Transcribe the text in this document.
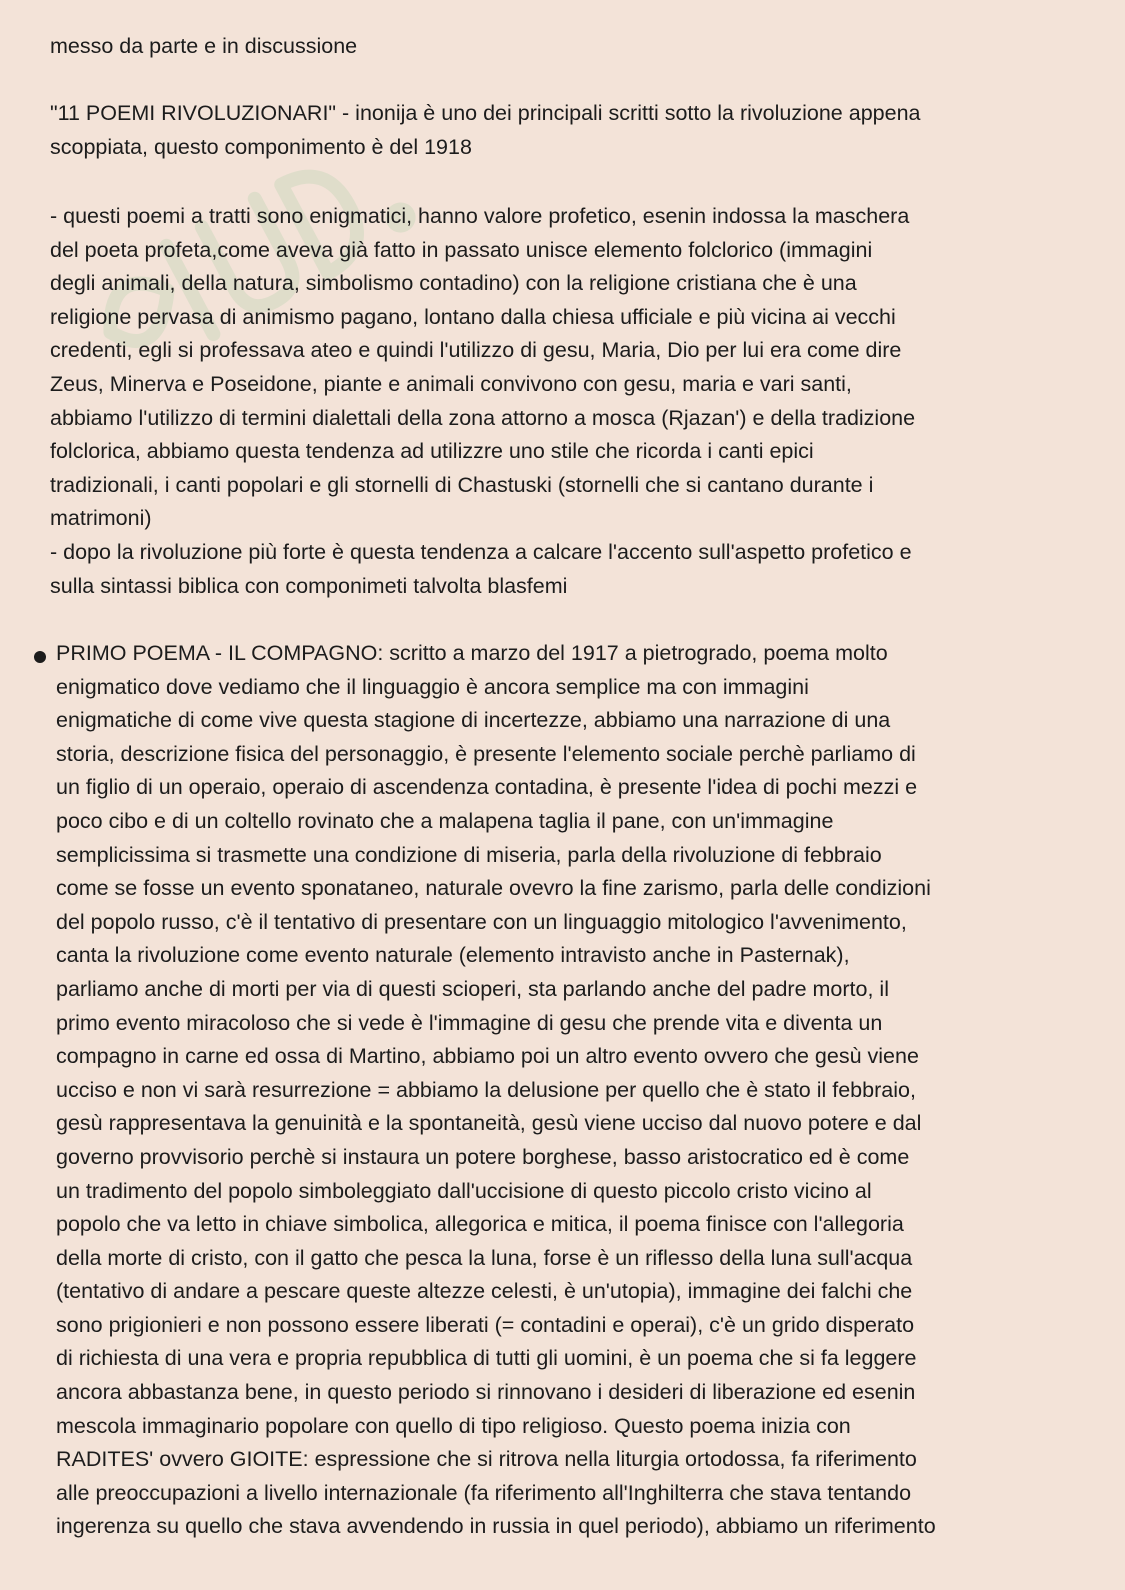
messo da parte e in discussione
"11 POEMI RIVOLUZIONARI" - inonija è uno dei principali scritti sotto la rivoluzione appena
scoppiata, questo componimento è del 1918
- questi poemi a tratti sono enigmatici, hanno valore profetico, esenin indossa la maschera
del poeta profeta,come aveva già fatto in passato unisce elemento folclorico (immagini
degli animali, della natura, simbolismo contadino) con la religione cristiana che è una
religione pervasa di animismo pagano, lontano dalla chiesa ufficiale e più vicina ai vecchi
credenti, egli si professava ateo e quindi l'utilizzo di gesu, Maria, Dio per lui era come dire
Zeus, Minerva e Poseidone, piante e animali convivono con gesu, maria e vari santi,
abbiamo l'utilizzo di termini dialettali della zona attorno a mosca (Rjazan') e della tradizione
folclorica, abbiamo questa tendenza ad utilizzre uno stile che ricorda i canti epici
tradizionali, i canti popolari e gli stornelli di Chastuski (stornelli che si cantano durante i
matrimoni)
- dopo la rivoluzione più forte è questa tendenza a calcare l'accento sull'aspetto profetico e
sulla sintassi biblica con componimeti talvolta blasfemi
PRIMO POEMA - IL COMPAGNO: scritto a marzo del 1917 a pietrogrado, poema molto
enigmatico dove vediamo che il linguaggio è ancora semplice ma con immagini
enigmatiche di come vive questa stagione di incertezze, abbiamo una narrazione di una
storia, descrizione fisica del personaggio, è presente l'elemento sociale perchè parliamo di
un figlio di un operaio, operaio di ascendenza contadina, è presente l'idea di pochi mezzi e
poco cibo e di un coltello rovinato che a malapena taglia il pane, con un'immagine
semplicissima si trasmette una condizione di miseria, parla della rivoluzione di febbraio
come se fosse un evento sponataneo, naturale ovevro la fine zarismo, parla delle condizioni
del popolo russo, c'è il tentativo di presentare con un linguaggio mitologico l'avvenimento,
canta la rivoluzione come evento naturale (elemento intravisto anche in Pasternak),
parliamo anche di morti per via di questi scioperi, sta parlando anche del padre morto, il
primo evento miracoloso che si vede è l'immagine di gesu che prende vita e diventa un
compagno in carne ed ossa di Martino, abbiamo poi un altro evento ovvero che gesù viene
ucciso e non vi sarà resurrezione = abbiamo la delusione per quello che è stato il febbraio,
gesù rappresentava la genuinità e la spontaneità, gesù viene ucciso dal nuovo potere e dal
governo provvisorio perchè si instaura un potere borghese, basso aristocratico ed è come
un tradimento del popolo simboleggiato dall'uccisione di questo piccolo cristo vicino al
popolo che va letto in chiave simbolica, allegorica e mitica, il poema finisce con l'allegoria
della morte di cristo, con il gatto che pesca la luna, forse è un riflesso della luna sull'acqua
(tentativo di andare a pescare queste altezze celesti, è un'utopia), immagine dei falchi che
sono prigionieri e non possono essere liberati (= contadini e operai), c'è un grido disperato
di richiesta di una vera e propria repubblica di tutti gli uomini, è un poema che si fa leggere
ancora abbastanza bene, in questo periodo si rinnovano i desideri di liberazione ed esenin
mescola immaginario popolare con quello di tipo religioso. Questo poema inizia con
RADITES' ovvero GIOITE: espressione che si ritrova nella liturgia ortodossa, fa riferimento
alle preoccupazioni a livello internazionale (fa riferimento all'Inghilterra che stava tentando
ingerenza su quello che stava avvendendo in russia in quel periodo), abbiamo un riferimento
